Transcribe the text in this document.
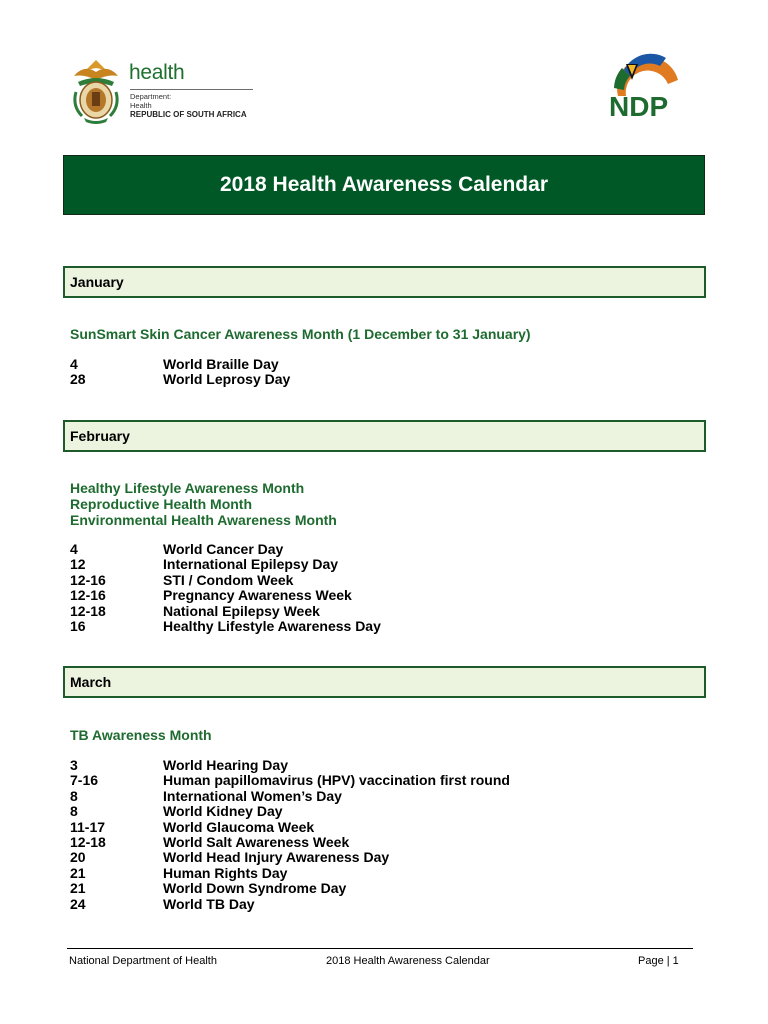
health
Department:
Health
REPUBLIC OF SOUTH AFRICA
2030
NDP
2018 Health Awareness Calendar
January
SunSmart Skin Cancer Awareness Month (1 December to 31 January)
4	World Braille Day
28	World Leprosy Day
February
Healthy Lifestyle Awareness Month
Reproductive Health Month
Environmental Health Awareness Month
4	World Cancer Day
12	International Epilepsy Day
12-16	STI / Condom Week
12-16	Pregnancy Awareness Week
12-18	National Epilepsy Week
16	Healthy Lifestyle Awareness Day
March
TB Awareness Month
3	World Hearing Day
7-16	Human papillomavirus (HPV) vaccination first round
8	International Women’s Day
8	World Kidney Day
11-17	World Glaucoma Week
12-18	World Salt Awareness Week
20	World Head Injury Awareness Day
21	Human Rights Day
21	World Down Syndrome Day
24	World TB Day
National Department of Health	2018 Health Awareness Calendar	Page | 1
